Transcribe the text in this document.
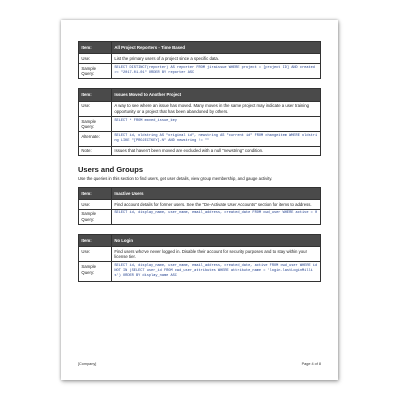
Item:	All Project Reporters - Time Based
Use:	List the primary users of a project since a specific data.
Sample Query:	SELECT DISTINCT(reporter) AS reporter FROM jiraissue WHERE project = [project ID] AND created >= "2017-01-01" ORDER BY reporter ASC
Item:	Issues Moved to Another Project
Use:	A way to see where an issue has moved. Many moves in the same project may indicate a user training opportunity or a project that has been abandoned by others.
Sample Query:	SELECT * FROM moved_issue_key
Alternate:	SELECT id, oldstring AS "original id", newstring AS "current id" FROM changeitem WHERE oldstring LIKE "[PROJECTKEY]-%" AND newstring != ""
Note:	Issues that haven't been moved are excluded with a null "newstring" condition.
Users and Groups
Use the queries in this section to find users, get user details, view group membership, and gauge activity.
Item:	Inactive Users
Use:	Find account details for former users. See the "De-Activate User Accounts" section for items to address.
Sample Query:	SELECT id, display_name, user_name, email_address, created_date FROM cwd_user WHERE active = 0
Item:	No Login
Use:	Find users who've never logged in. Disable their account for security purposes and to stay within your license tier.
Sample Query:	SELECT id, display_name, user_name, email_address, created_date, active FROM cwd_user WHERE id NOT IN (SELECT user_id FROM cwd_user_attributes WHERE attribute_name = 'login.lastLoginMillis') ORDER BY display_name ASC
[Company]	Page 4 of 8
